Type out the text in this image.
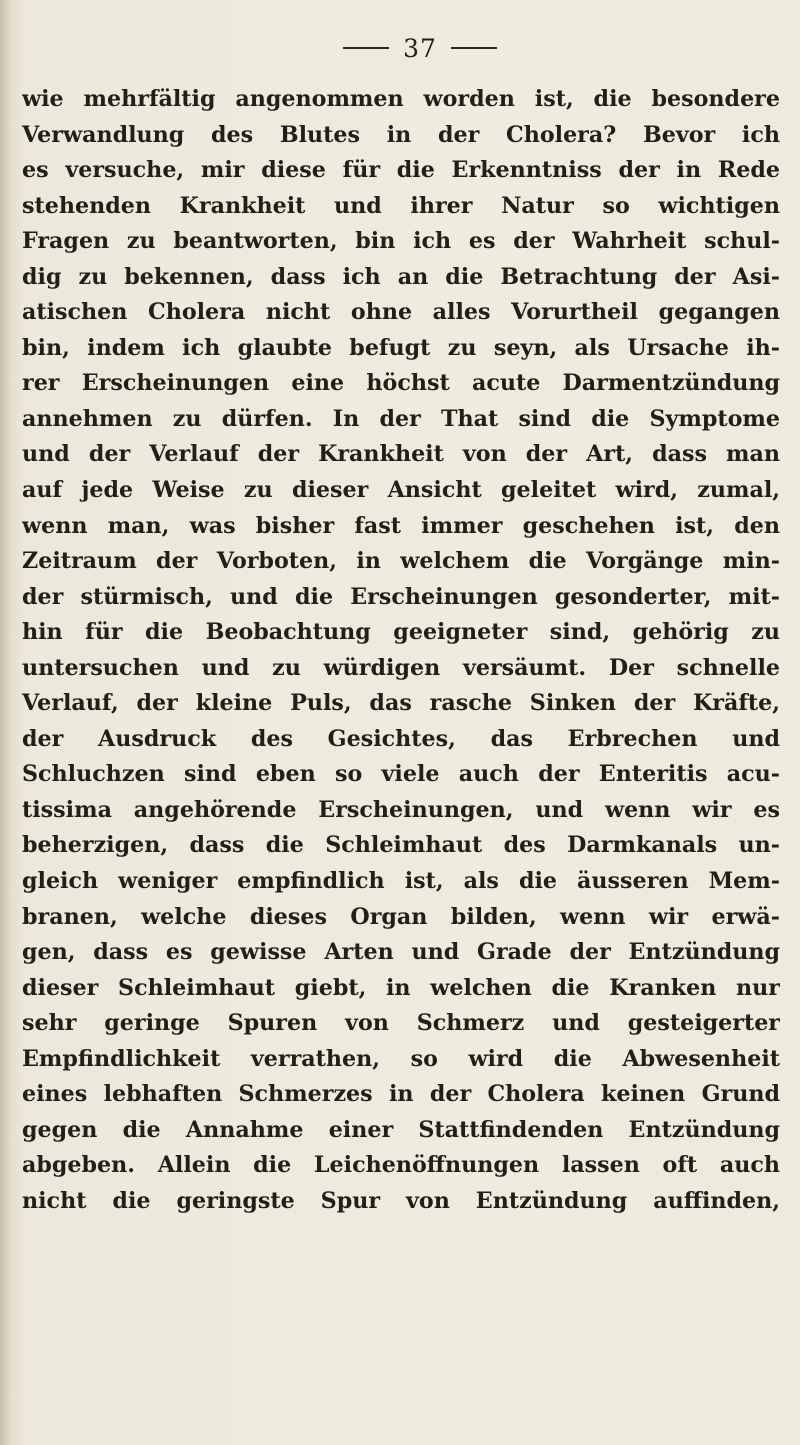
37
wie mehrfältig angenommen worden ist, die besondere
Verwandlung des Blutes in der Cholera? Bevor ich
es versuche, mir diese für die Erkenntniss der in Rede
stehenden Krankheit und ihrer Natur so wichtigen
Fragen zu beantworten, bin ich es der Wahrheit schul-
dig zu bekennen, dass ich an die Betrachtung der Asi-
atischen Cholera nicht ohne alles Vorurtheil gegangen
bin, indem ich glaubte befugt zu seyn, als Ursache ih-
rer Erscheinungen eine höchst acute Darmentzündung
annehmen zu dürfen. In der That sind die Symptome
und der Verlauf der Krankheit von der Art, dass man
auf jede Weise zu dieser Ansicht geleitet wird, zumal,
wenn man, was bisher fast immer geschehen ist, den
Zeitraum der Vorboten, in welchem die Vorgänge min-
der stürmisch, und die Erscheinungen gesonderter, mit-
hin für die Beobachtung geeigneter sind, gehörig zu
untersuchen und zu würdigen versäumt. Der schnelle
Verlauf, der kleine Puls, das rasche Sinken der Kräfte,
der Ausdruck des Gesichtes, das Erbrechen und
Schluchzen sind eben so viele auch der Enteritis acu-
tissima angehörende Erscheinungen, und wenn wir es
beherzigen, dass die Schleimhaut des Darmkanals un-
gleich weniger empfindlich ist, als die äusseren Mem-
branen, welche dieses Organ bilden, wenn wir erwä-
gen, dass es gewisse Arten und Grade der Entzündung
dieser Schleimhaut giebt, in welchen die Kranken nur
sehr geringe Spuren von Schmerz und gesteigerter
Empfindlichkeit verrathen, so wird die Abwesenheit
eines lebhaften Schmerzes in der Cholera keinen Grund
gegen die Annahme einer Stattfindenden Entzündung
abgeben. Allein die Leichenöffnungen lassen oft auch
nicht die geringste Spur von Entzündung auffinden,
